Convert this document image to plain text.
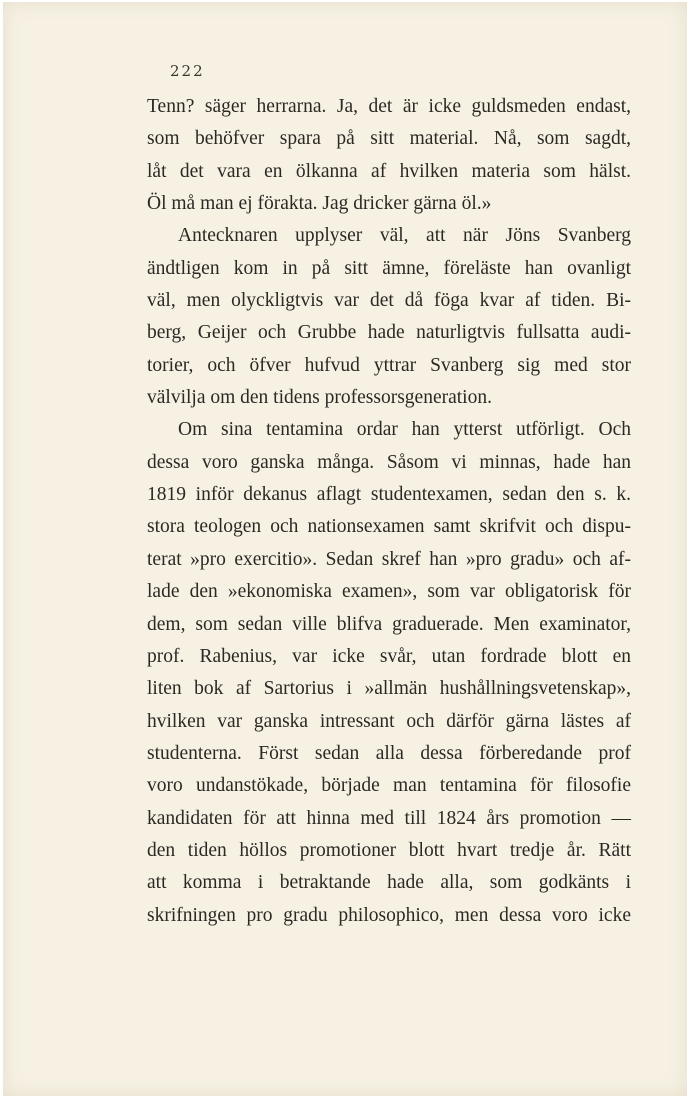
222
Tenn? säger herrarna. Ja, det är icke guldsmeden endast,
som behöfver spara på sitt material. Nå, som sagdt,
låt det vara en ölkanna af hvilken materia som hälst.
Öl må man ej förakta. Jag dricker gärna öl.»
Antecknaren upplyser väl, att när Jöns Svanberg
ändtligen kom in på sitt ämne, föreläste han ovanligt
väl, men olyckligtvis var det då föga kvar af tiden. Bi-
berg, Geijer och Grubbe hade naturligtvis fullsatta audi-
torier, och öfver hufvud yttrar Svanberg sig med stor
välvilja om den tidens professorsgeneration.
Om sina tentamina ordar han ytterst utförligt. Och
dessa voro ganska många. Såsom vi minnas, hade han
1819 inför dekanus aflagt studentexamen, sedan den s. k.
stora teologen och nationsexamen samt skrifvit och dispu-
terat »pro exercitio». Sedan skref han »pro gradu» och af-
lade den »ekonomiska examen», som var obligatorisk för
dem, som sedan ville blifva graduerade. Men examinator,
prof. Rabenius, var icke svår, utan fordrade blott en
liten bok af Sartorius i »allmän hushållningsvetenskap»,
hvilken var ganska intressant och därför gärna lästes af
studenterna. Först sedan alla dessa förberedande prof
voro undanstökade, började man tentamina för filosofie
kandidaten för att hinna med till 1824 års promotion —
den tiden höllos promotioner blott hvart tredje år. Rätt
att komma i betraktande hade alla, som godkänts i
skrifningen pro gradu philosophico, men dessa voro icke
